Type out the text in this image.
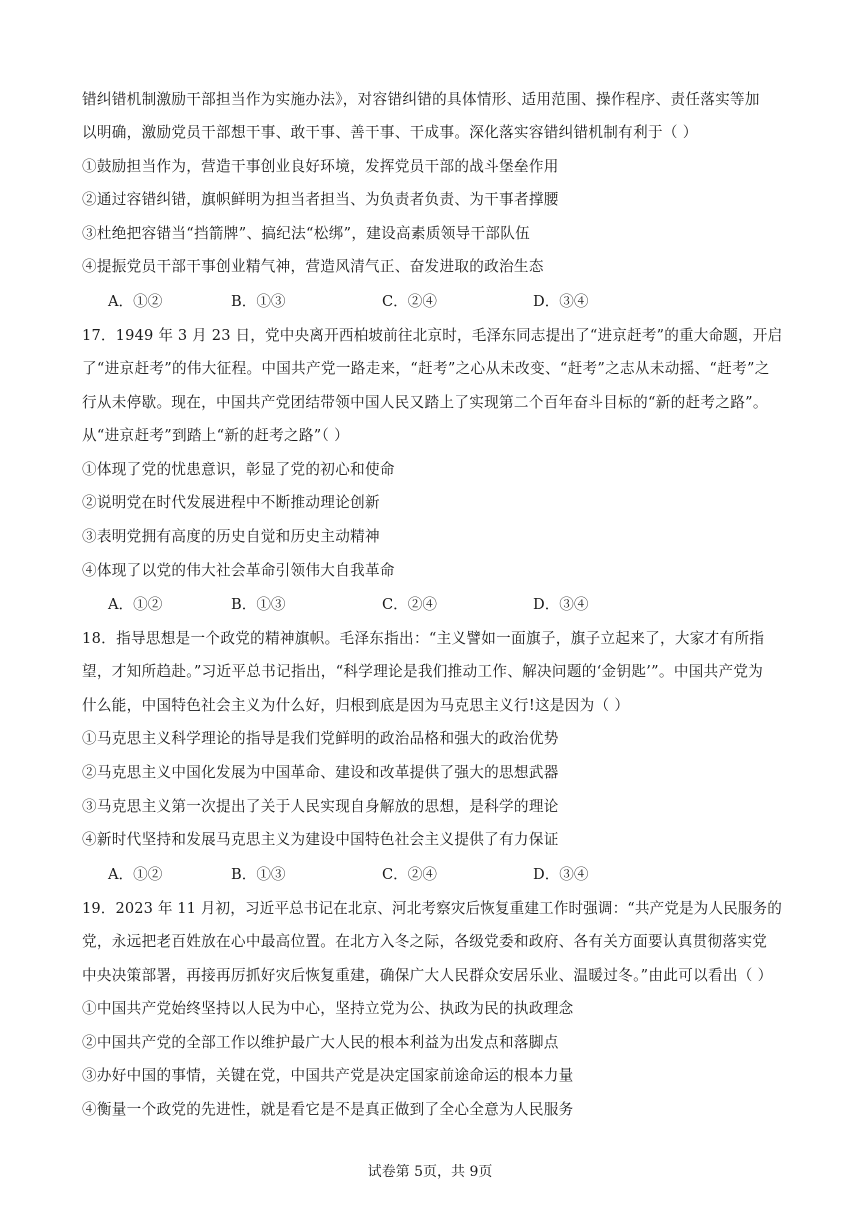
错纠错机制激励干部担当作为实施办法》，对容错纠错的具体情形、适用范围、操作程序、责任落实等加
以明确，激励党员干部想干事、敢干事、善干事、干成事。深化落实容错纠错机制有利于（ ）
①鼓励担当作为，营造干事创业良好环境，发挥党员干部的战斗堡垒作用
②通过容错纠错，旗帜鲜明为担当者担当、为负责者负责、为干事者撑腰
③杜绝把容错当“挡箭牌”、搞纪法“松绑”，建设高素质领导干部队伍
④提振党员干部干事创业精气神，营造风清气正、奋发进取的政治生态
A．①②	B．①③	C．②④	D．③④
17．1949 年 3 月 23 日，党中央离开西柏坡前往北京时，毛泽东同志提出了“进京赶考”的重大命题，开启
了“进京赶考”的伟大征程。中国共产党一路走来，“赶考”之心从未改变、“赶考”之志从未动摇、“赶考”之
行从未停歇。现在，中国共产党团结带领中国人民又踏上了实现第二个百年奋斗目标的“新的赶考之路”。
从“进京赶考”到踏上“新的赶考之路”（ ）
①体现了党的忧患意识，彰显了党的初心和使命
②说明党在时代发展进程中不断推动理论创新
③表明党拥有高度的历史自觉和历史主动精神
④体现了以党的伟大社会革命引领伟大自我革命
A．①②	B．①③	C．②④	D．③④
18．指导思想是一个政党的精神旗帜。毛泽东指出：“主义譬如一面旗子，旗子立起来了，大家才有所指
望，才知所趋赴。”习近平总书记指出，“科学理论是我们推动工作、解决问题的‘金钥匙’”。中国共产党为
什么能，中国特色社会主义为什么好，归根到底是因为马克思主义行!这是因为（ ）
①马克思主义科学理论的指导是我们党鲜明的政治品格和强大的政治优势
②马克思主义中国化发展为中国革命、建设和改革提供了强大的思想武器
③马克思主义第一次提出了关于人民实现自身解放的思想，是科学的理论
④新时代坚持和发展马克思主义为建设中国特色社会主义提供了有力保证
A．①②	B．①③	C．②④	D．③④
19．2023 年 11 月初，习近平总书记在北京、河北考察灾后恢复重建工作时强调：“共产党是为人民服务的
党，永远把老百姓放在心中最高位置。在北方入冬之际，各级党委和政府、各有关方面要认真贯彻落实党
中央决策部署，再接再厉抓好灾后恢复重建，确保广大人民群众安居乐业、温暖过冬。”由此可以看出（ ）
①中国共产党始终坚持以人民为中心，坚持立党为公、执政为民的执政理念
②中国共产党的全部工作以维护最广大人民的根本利益为出发点和落脚点
③办好中国的事情，关键在党，中国共产党是决定国家前途命运的根本力量
④衡量一个政党的先进性，就是看它是不是真正做到了全心全意为人民服务
试卷第 5页，共 9页
